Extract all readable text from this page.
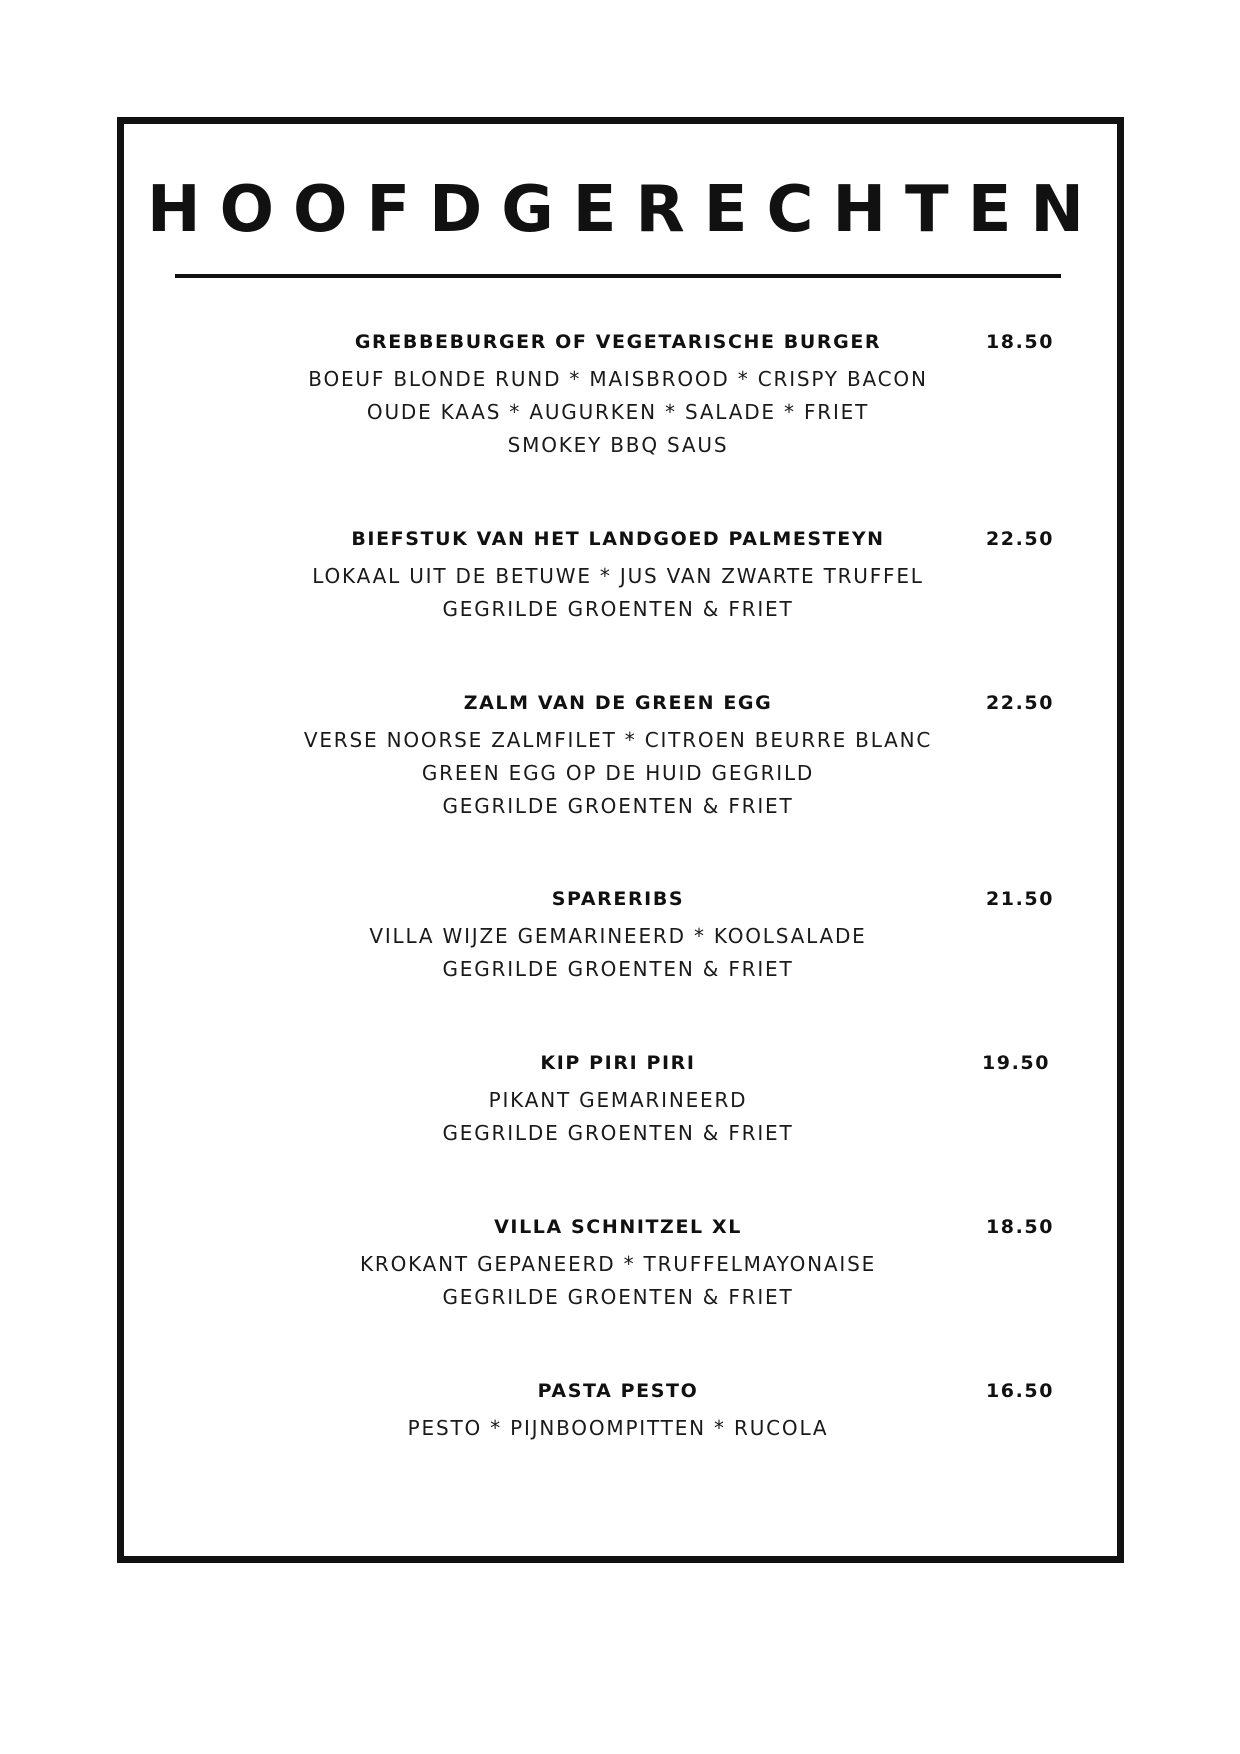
HOOFDGERECHTEN
GREBBEBURGER OF VEGETARISCHE BURGER	18.50
BOEUF BLONDE RUND * MAISBROOD * CRISPY BACON
OUDE KAAS * AUGURKEN * SALADE * FRIET
SMOKEY BBQ SAUS
BIEFSTUK VAN HET LANDGOED PALMESTEYN	22.50
LOKAAL UIT DE BETUWE * JUS VAN ZWARTE TRUFFEL
GEGRILDE GROENTEN & FRIET
ZALM VAN DE GREEN EGG	22.50
VERSE NOORSE ZALMFILET * CITROEN BEURRE BLANC
GREEN EGG OP DE HUID GEGRILD
GEGRILDE GROENTEN & FRIET
SPARERIBS	21.50
VILLA WIJZE GEMARINEERD * KOOLSALADE
GEGRILDE GROENTEN & FRIET
KIP PIRI PIRI	19.50
PIKANT GEMARINEERD
GEGRILDE GROENTEN & FRIET
VILLA SCHNITZEL XL	18.50
KROKANT GEPANEERD * TRUFFELMAYONAISE
GEGRILDE GROENTEN & FRIET
PASTA PESTO	16.50
PESTO * PIJNBOOMPITTEN * RUCOLA
